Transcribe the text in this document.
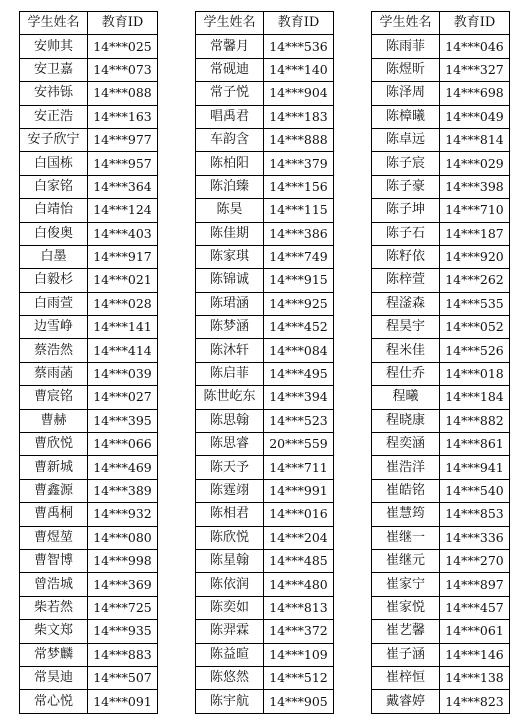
学生姓名	教育ID
安帅其	14***025
安卫嘉	14***073
安祎铄	14***088
安正浩	14***163
安子欣宁	14***977
白国栋	14***957
白家铭	14***364
白靖怡	14***124
白俊奥	14***403
白墨	14***917
白毅杉	14***021
白雨萱	14***028
边雪峥	14***141
蔡浩然	14***414
蔡雨菡	14***039
曹宸铭	14***027
曹赫	14***395
曹欣悦	14***066
曹新城	14***469
曹鑫源	14***389
曹禹桐	14***932
曹煜堃	14***080
曹智博	14***998
曾浩城	14***369
柴若然	14***725
柴文郑	14***935
常梦麟	14***883
常昊迪	14***507
常心悦	14***091
学生姓名	教育ID
常馨月	14***536
常砚迪	14***140
常子悦	14***904
唱禹君	14***183
车韵含	14***888
陈柏阳	14***379
陈泊臻	14***156
陈昊	14***115
陈佳期	14***386
陈家琪	14***749
陈锦诚	14***915
陈珺涵	14***925
陈梦涵	14***452
陈沐轩	14***084
陈启菲	14***495
陈世屹东	14***394
陈思翰	14***523
陈思睿	20***559
陈天予	14***711
陈霆翊	14***991
陈相君	14***016
陈欣悦	14***204
陈星翰	14***485
陈依润	14***480
陈奕如	14***813
陈羿霖	14***372
陈益暄	14***109
陈悠然	14***512
陈宇航	14***905
学生姓名	教育ID
陈雨菲	14***046
陈煜昕	14***327
陈泽周	14***698
陈樟曦	14***049
陈卓远	14***814
陈子宸	14***029
陈子豪	14***398
陈子坤	14***710
陈子石	14***187
陈籽依	14***920
陈梓萱	14***262
程滏森	14***535
程昊宇	14***052
程米佳	14***526
程仕乔	14***018
程曦	14***184
程晓康	14***882
程奕涵	14***861
崔浩洋	14***941
崔皓铭	14***540
崔慧筠	14***853
崔继一	14***336
崔继元	14***270
崔家宁	14***897
崔家悦	14***457
崔艺馨	14***061
崔子涵	14***146
崔梓恒	14***138
戴睿婷	14***823
